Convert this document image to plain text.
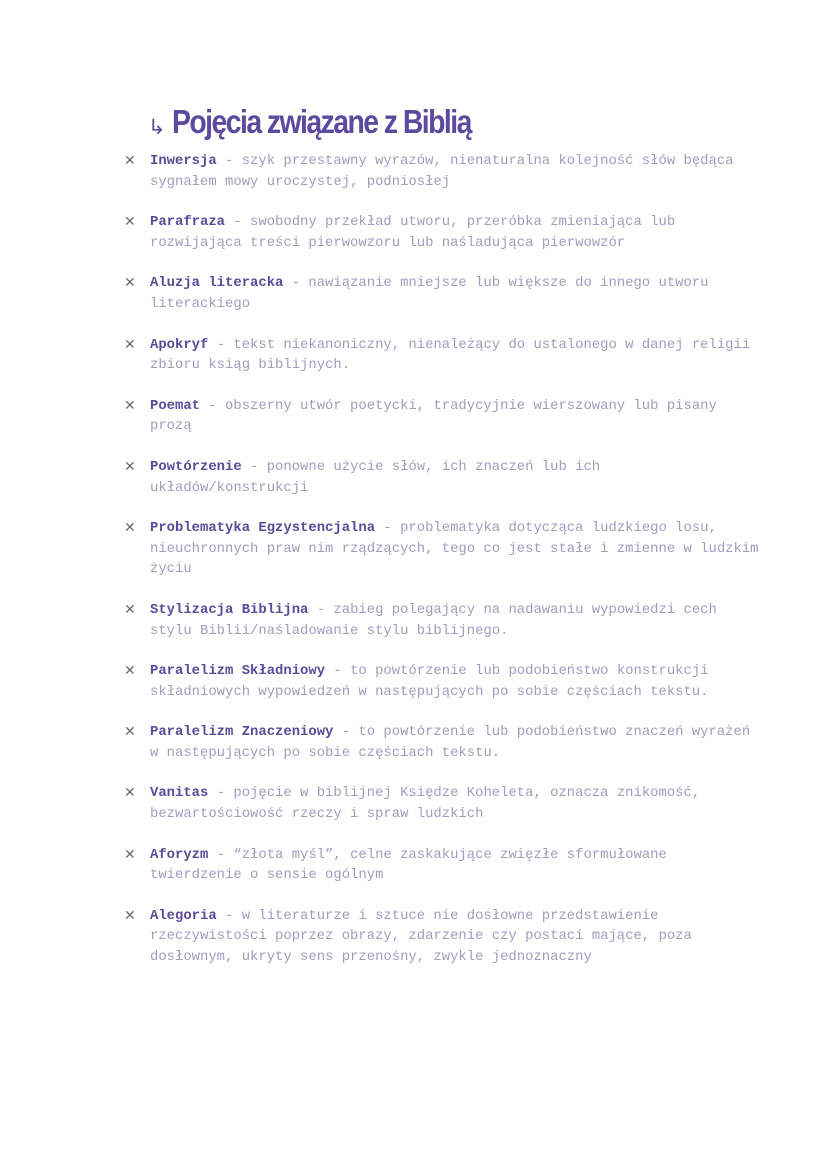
↳ Pojęcia związane z Biblią
✕	Inwersja - szyk przestawny wyrazów, nienaturalna kolejność słów będąca sygnałem mowy uroczystej, podniosłej
✕	Parafraza - swobodny przekład utworu, przeróbka zmieniająca lub rozwijająca treści pierwowzoru lub naśladująca pierwowzór
✕	Aluzja literacka - nawiązanie mniejsze lub większe do innego utworu literackiego
✕	Apokryf - tekst niekanoniczny, nienależący do ustalonego w danej religii zbioru ksiąg biblijnych.
✕	Poemat - obszerny utwór poetycki, tradycyjnie wierszowany lub pisany prozą
✕	Powtórzenie - ponowne użycie słów, ich znaczeń lub ich układów/konstrukcji
✕	Problematyka Egzystencjalna - problematyka dotycząca ludzkiego losu, nieuchronnych praw nim rządzących, tego co jest stałe i zmienne w ludzkim życiu
✕	Stylizacja Biblijna - zabieg polegający na nadawaniu wypowiedzi cech stylu Biblii/naśladowanie stylu biblijnego.
✕	Paralelizm Składniowy - to powtórzenie lub podobieństwo konstrukcji składniowych wypowiedzeń w następujących po sobie częściach tekstu.
✕	Paralelizm Znaczeniowy - to powtórzenie lub podobieństwo znaczeń wyrażeń w następujących po sobie częściach tekstu.
✕	Vanitas - pojęcie w biblijnej Księdze Koheleta, oznacza znikomość, bezwartościowość rzeczy i spraw ludzkich
✕	Aforyzm - “złota myśl”, celne zaskakujące zwięzłe sformułowane twierdzenie o sensie ogólnym
✕	Alegoria - w literaturze i sztuce nie dosłowne przedstawienie rzeczywistości poprzez obrazy, zdarzenie czy postaci mające, poza dosłownym, ukryty sens przenośny, zwykle jednoznaczny
